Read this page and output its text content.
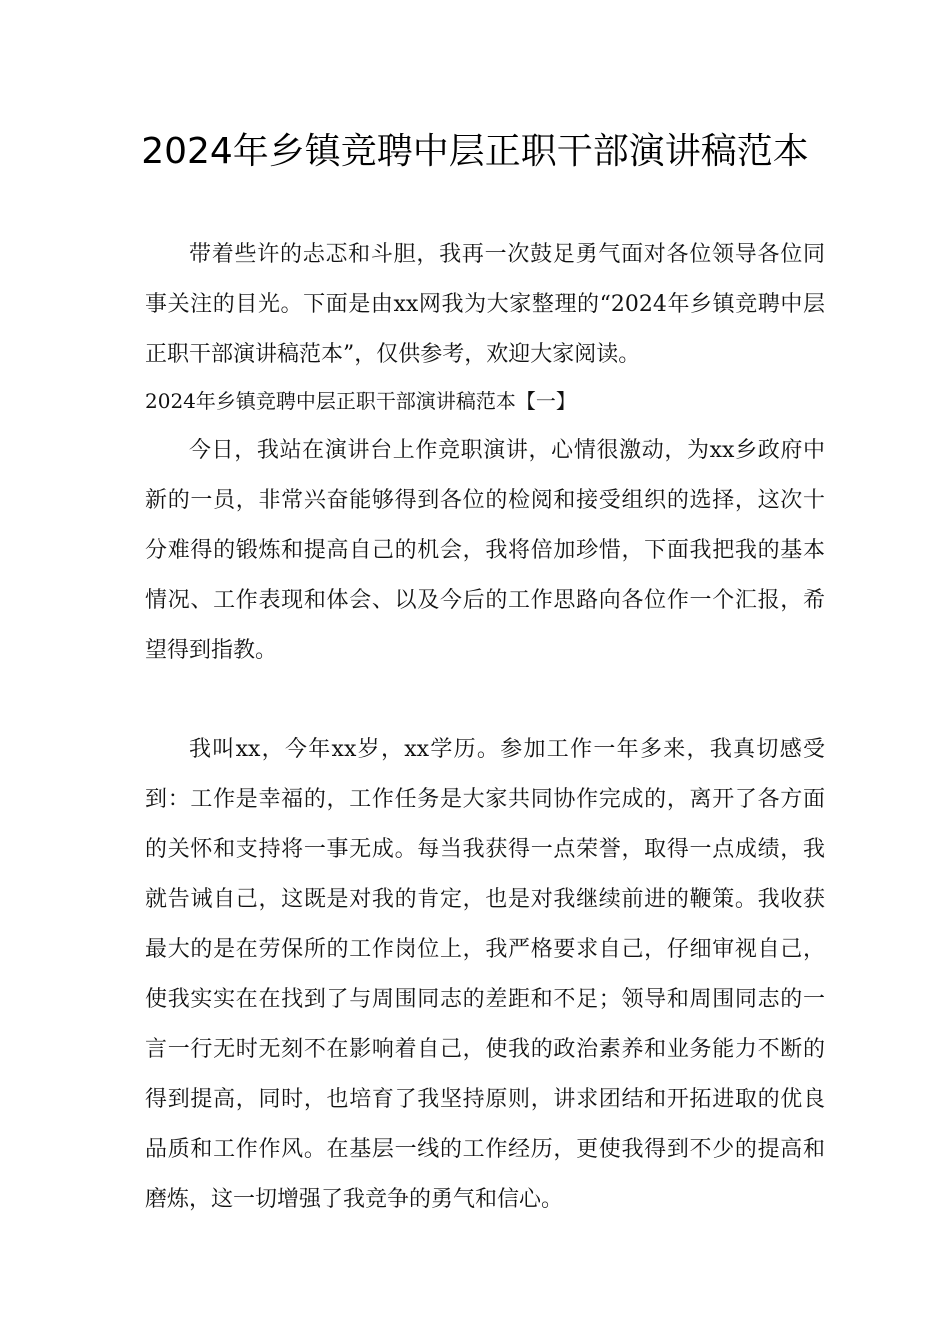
2024年乡镇竞聘中层正职干部演讲稿范本

带着些许的忐忑和斗胆，我再一次鼓足勇气面对各位领导各位同事关注的目光。下面是由xx网我为大家整理的“2024年乡镇竞聘中层正职干部演讲稿范本”，仅供参考，欢迎大家阅读。

2024年乡镇竞聘中层正职干部演讲稿范本【一】

今日，我站在演讲台上作竞职演讲，心情很激动，为xx乡政府中新的一员，非常兴奋能够得到各位的检阅和接受组织的选择，这次十分难得的锻炼和提高自己的机会，我将倍加珍惜，下面我把我的基本情况、工作表现和体会、以及今后的工作思路向各位作一个汇报，希望得到指教。

我叫xx，今年xx岁，xx学历。参加工作一年多来，我真切感受到：工作是幸福的，工作任务是大家共同协作完成的，离开了各方面的关怀和支持将一事无成。每当我获得一点荣誉，取得一点成绩，我就告诫自己，这既是对我的肯定，也是对我继续前进的鞭策。我收获最大的是在劳保所的工作岗位上，我严格要求自己，仔细审视自己，使我实实在在找到了与周围同志的差距和不足；领导和周围同志的一言一行无时无刻不在影响着自己，使我的政治素养和业务能力不断的得到提高，同时，也培育了我坚持原则，讲求团结和开拓进取的优良品质和工作作风。在基层一线的工作经历，更使我得到不少的提高和磨炼，这一切增强了我竞争的勇气和信心。
